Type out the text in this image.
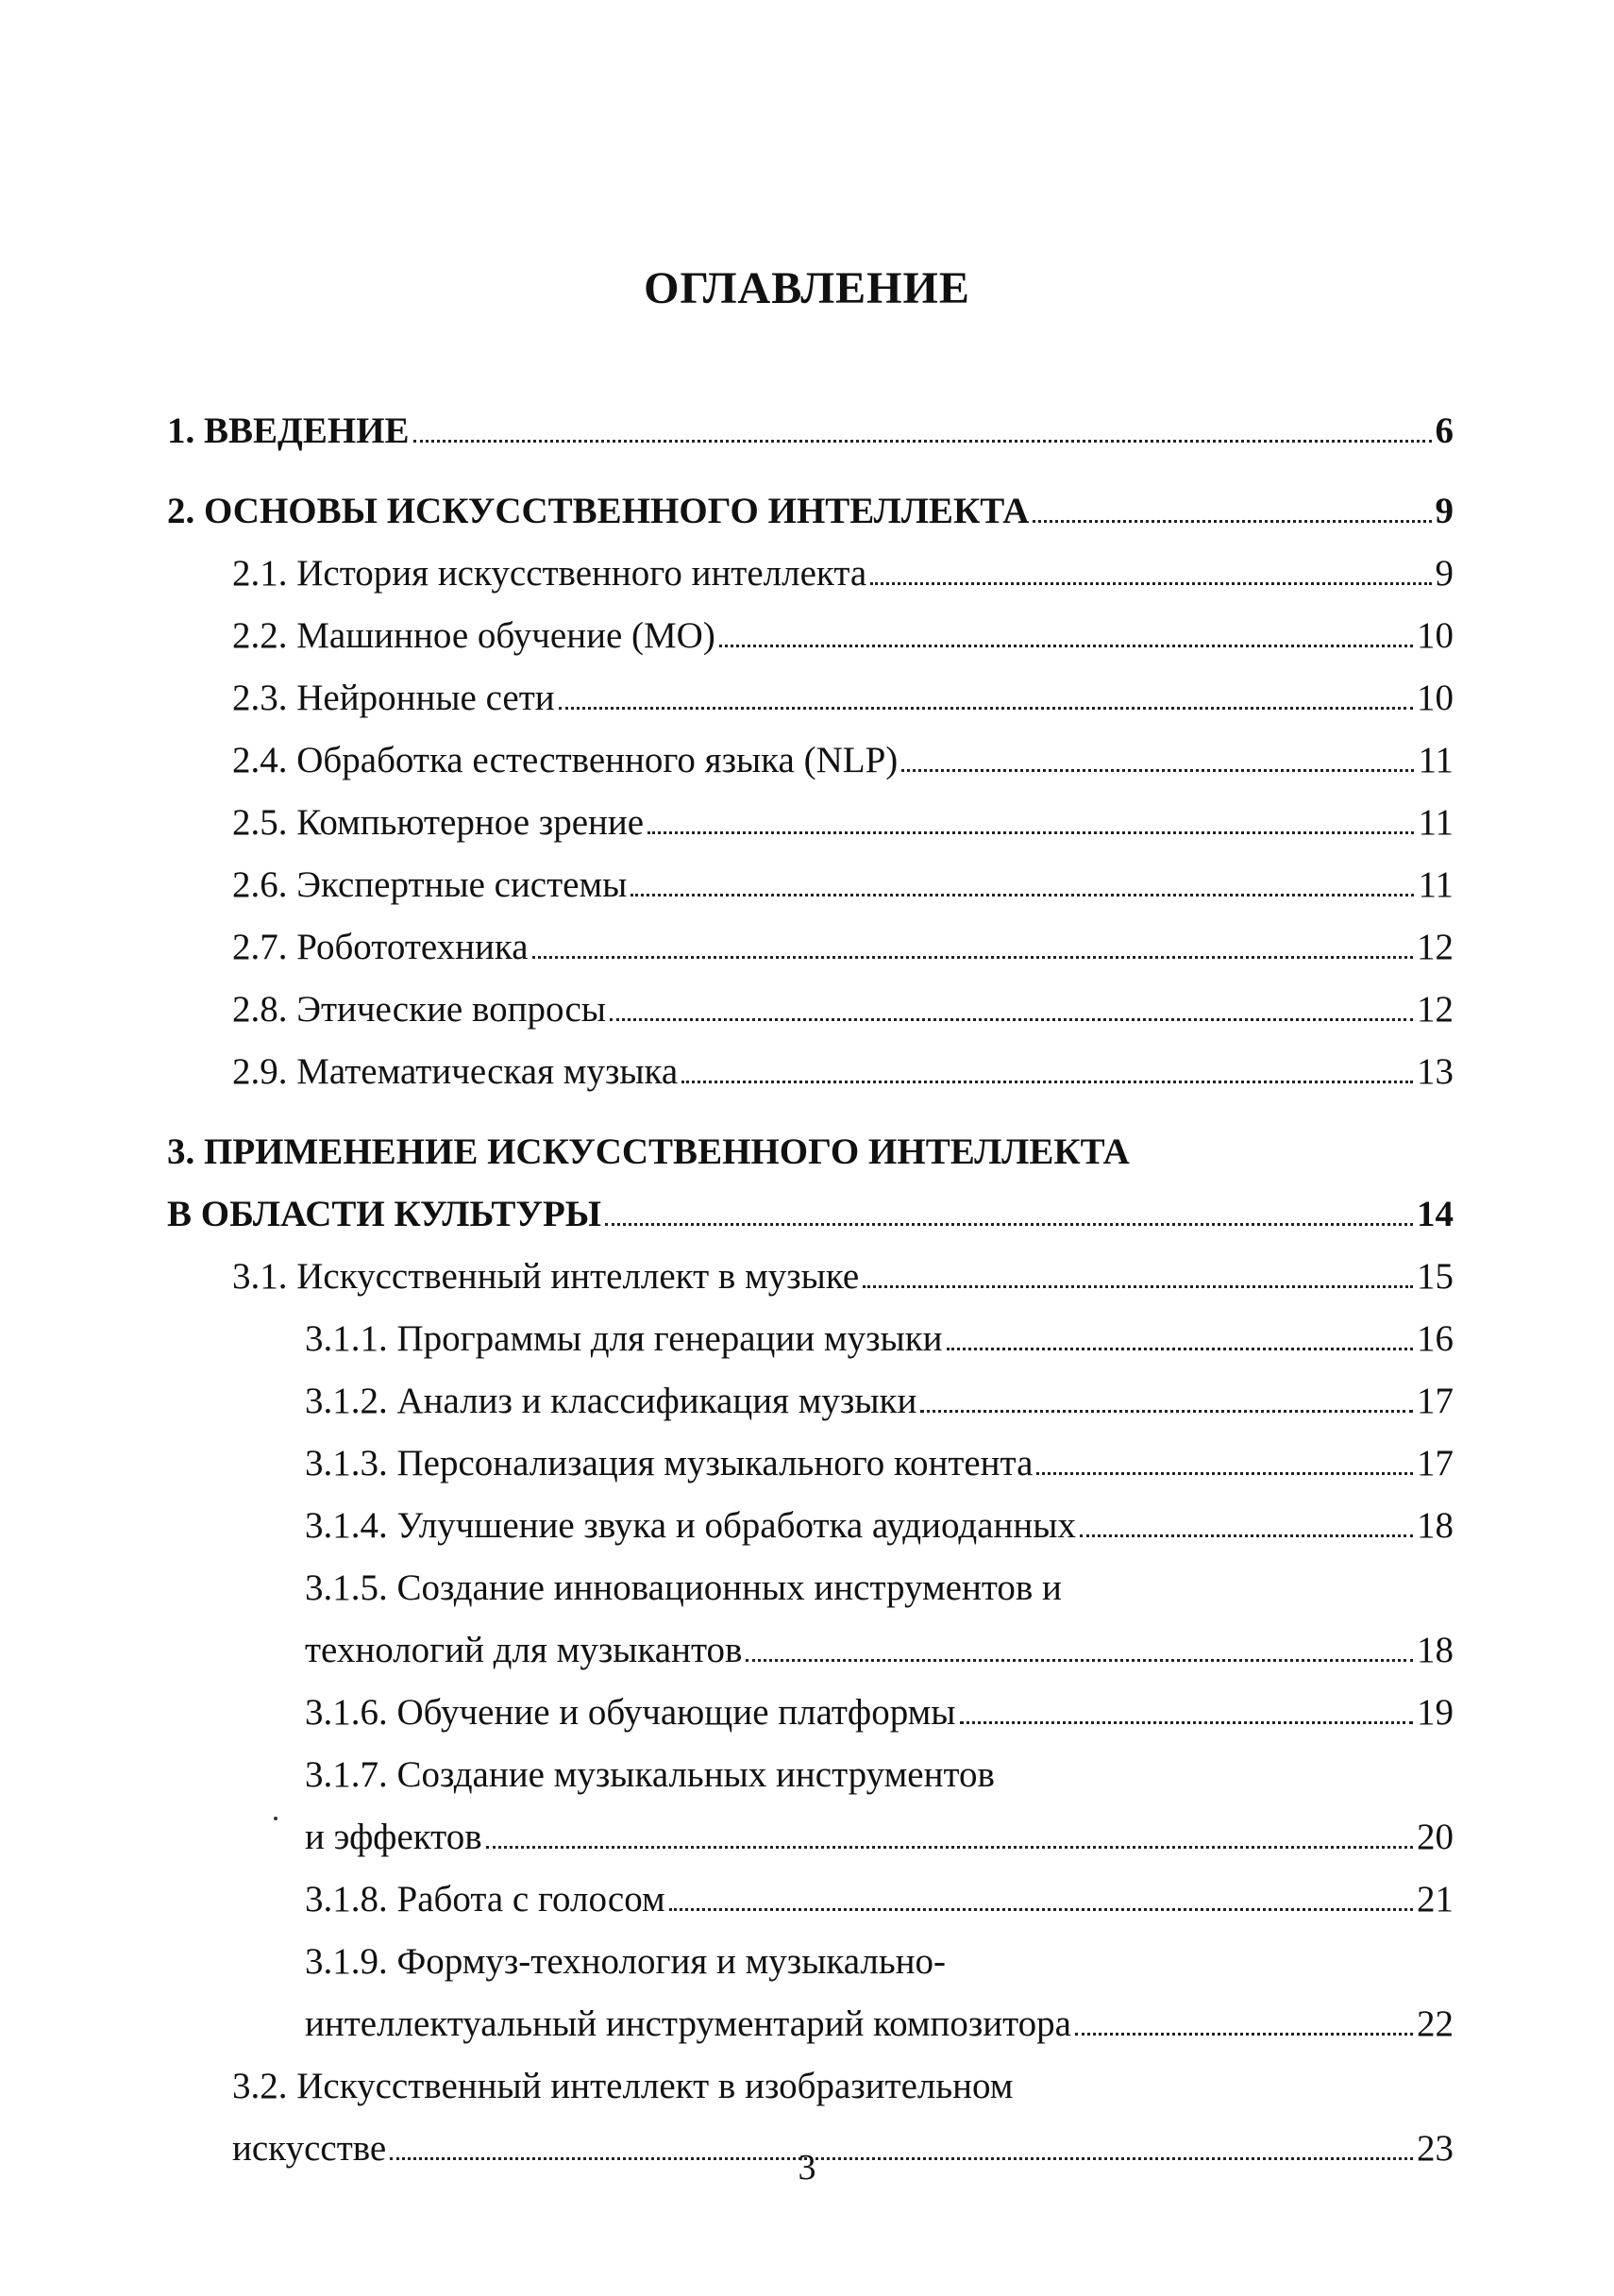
ОГЛАВЛЕНИЕ
1. ВВЕДЕНИЕ	6
2. ОСНОВЫ ИСКУССТВЕННОГО ИНТЕЛЛЕКТА	9
2.1. История искусственного интеллекта	9
2.2. Машинное обучение (МО)	10
2.3. Нейронные сети	10
2.4. Обработка естественного языка (NLP)	11
2.5. Компьютерное зрение	11
2.6. Экспертные системы	11
2.7. Робототехника	12
2.8. Этические вопросы	12
2.9. Математическая музыка	13
3. ПРИМЕНЕНИЕ ИСКУССТВЕННОГО ИНТЕЛЛЕКТА
В ОБЛАСТИ КУЛЬТУРЫ	14
3.1. Искусственный интеллект в музыке	15
3.1.1. Программы для генерации музыки	16
3.1.2. Анализ и классификация музыки	17
3.1.3. Персонализация музыкального контента	17
3.1.4. Улучшение звука и обработка аудиоданных	18
3.1.5. Создание инновационных инструментов и
технологий для музыкантов	18
3.1.6. Обучение и обучающие платформы	19
3.1.7. Создание музыкальных инструментов
и эффектов	20
3.1.8. Работа с голосом	21
3.1.9. Формуз-технология и музыкально-
интеллектуальный инструментарий композитора	22
3.2. Искусственный интеллект в изобразительном
искусстве	23
3
